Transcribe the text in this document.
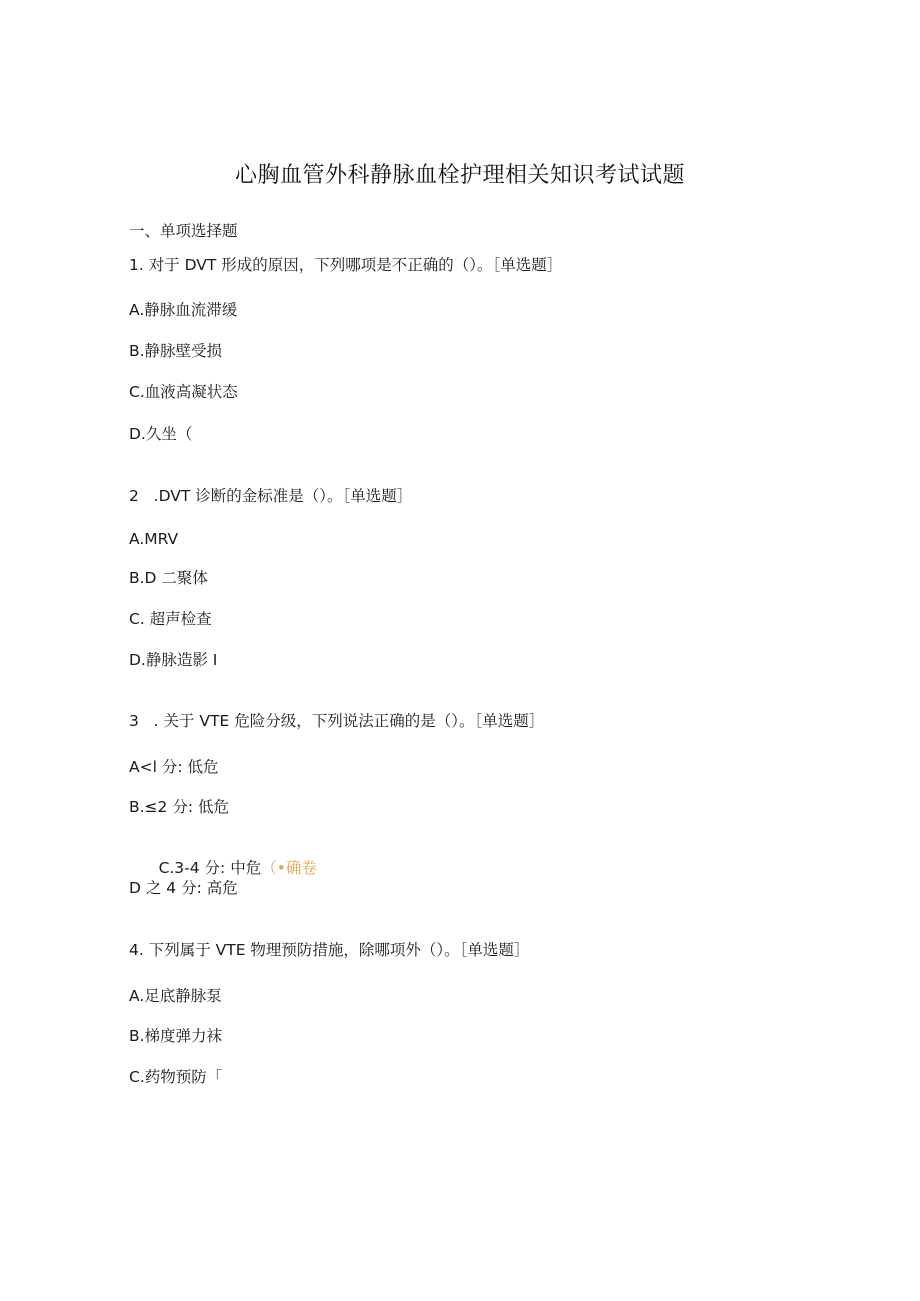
心胸血管外科静脉血栓护理相关知识考试试题
一、单项选择题
1. 对于 DVT 形成的原因，下列哪项是不正确的（）。［单选题］
A.静脉血流滞缓
B.静脉壁受损
C.血液高凝状态
D.久坐（
2   .DVT 诊断的金标准是（）。［单选题］
A.MRV
B.D 二聚体
C. 超声检查
D.静脉造影 I
3   . 关于 VTE 危险分级，下列说法正确的是（）。［单选题］
A<l 分: 低危
B.≤2 分: 低危

C.3-4 分: 中危（•确卷

D 之 4 分: 高危
4. 下列属于 VTE 物理预防措施，除哪项外（）。［单选题］
A.足底静脉泵
B.梯度弹力袜
C.药物预防「
